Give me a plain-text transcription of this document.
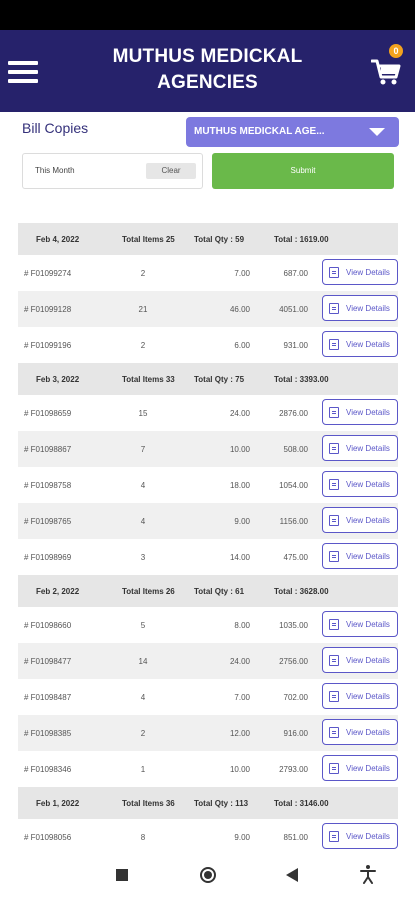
MUTHUS MEDICKAL
AGENCIES
0
Bill Copies	MUTHUS MEDICKAL AGE...
This Month	Clear	Submit
Feb 4, 2022	Total Items 25 Total Qty : 59	Total : 1619.00
# F01099274	2	7.00	687.00	View Details
# F01099128	21	46.00	4051.00	View Details
# F01099196	2	6.00	931.00	View Details
Feb 3, 2022	Total Items 33 Total Qty : 75	Total : 3393.00
# F01098659	15	24.00	2876.00	View Details
# F01098867	7	10.00	508.00	View Details
# F01098758	4	18.00	1054.00	View Details
# F01098765	4	9.00	1156.00	View Details
# F01098969	3	14.00	475.00	View Details
Feb 2, 2022	Total Items 26 Total Qty : 61	Total : 3628.00
# F01098660	5	8.00	1035.00	View Details
# F01098477	14	24.00	2756.00	View Details
# F01098487	4	7.00	702.00	View Details
# F01098385	2	12.00	916.00	View Details
# F01098346	1	10.00	2793.00	View Details
Feb 1, 2022	Total Items 36 Total Qty : 113	Total : 3146.00
# F01098056	8	9.00	851.00	View Details
